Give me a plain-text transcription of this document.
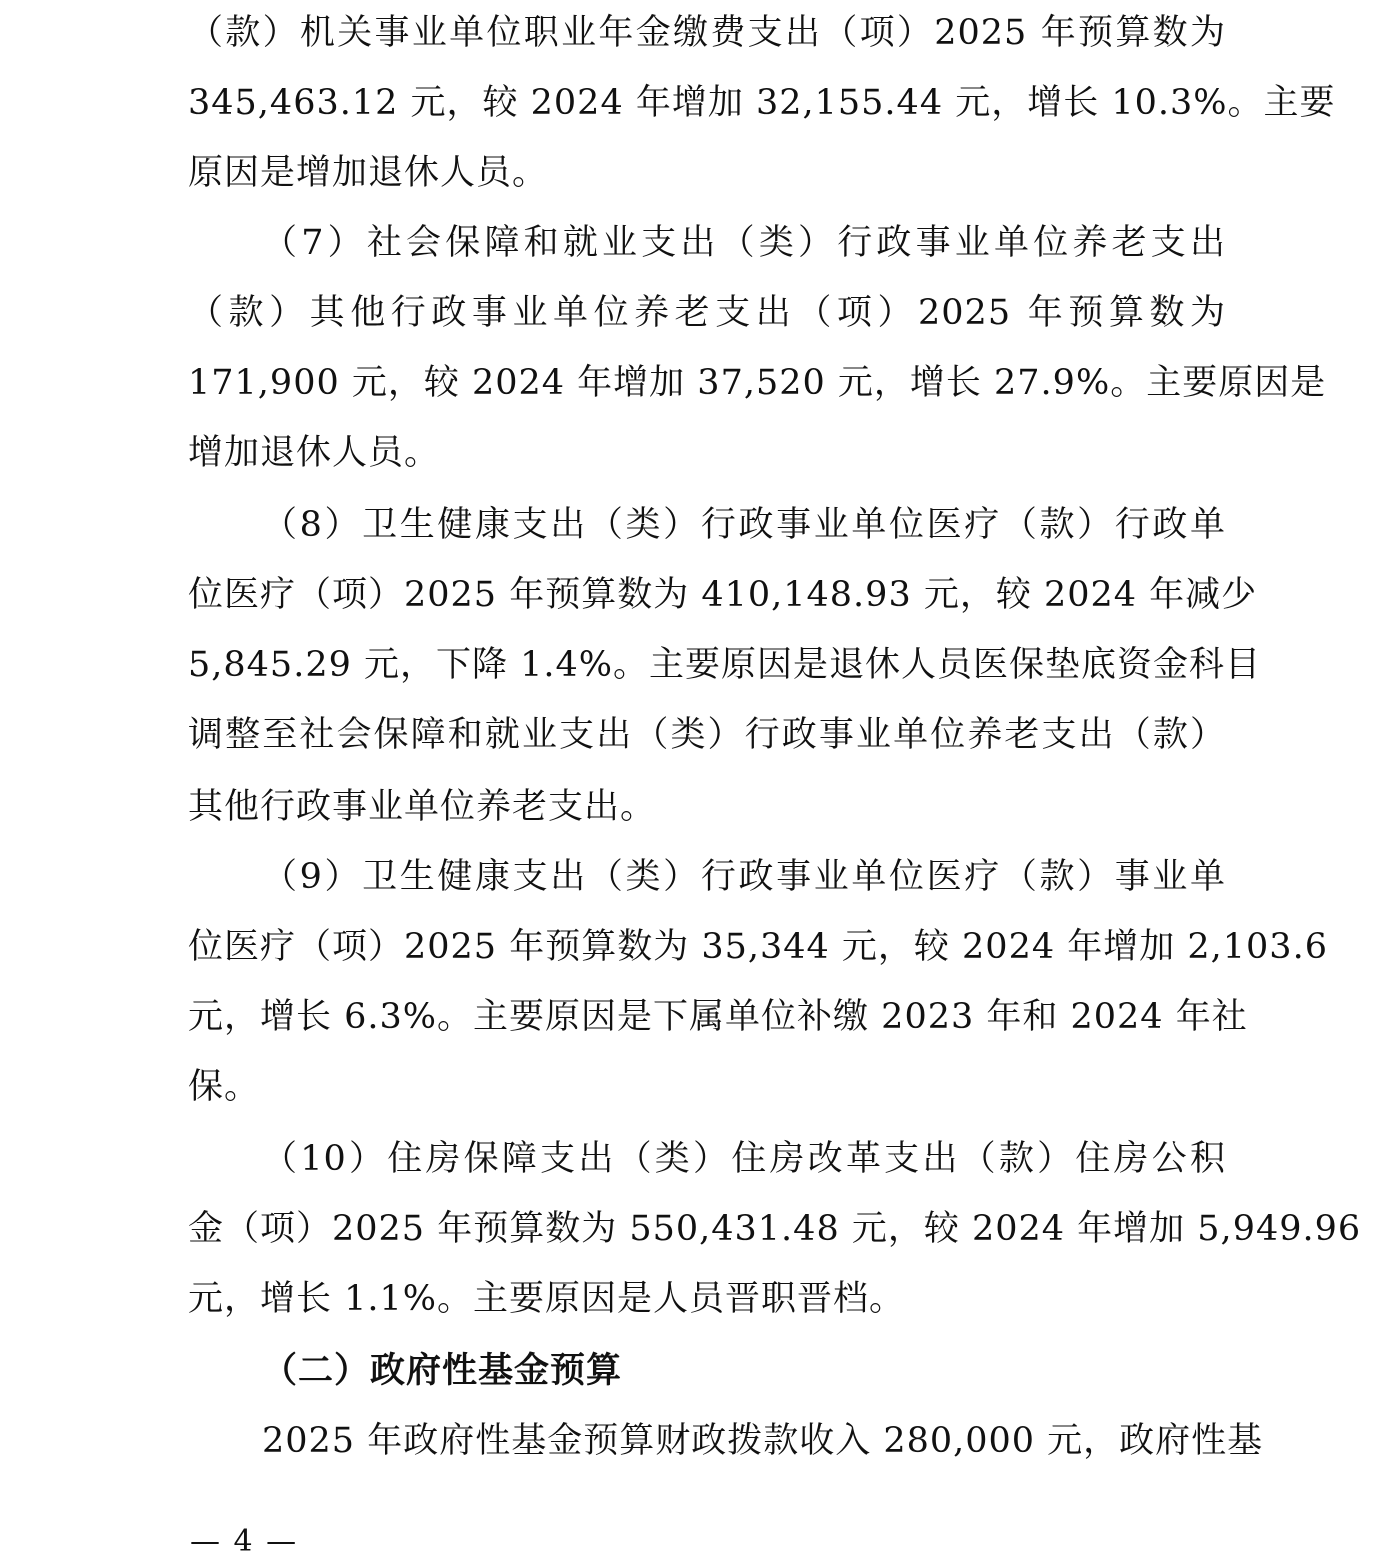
（款）机关事业单位职业年金缴费支出（项）2025 年预算数为
345,463.12 元，较 2024 年增加 32,155.44 元，增长 10.3%。主要
原因是增加退休人员。
（7）社会保障和就业支出（类）行政事业单位养老支出
（款）其他行政事业单位养老支出（项）2025 年预算数为
171,900 元，较 2024 年增加 37,520 元，增长 27.9%。主要原因是
增加退休人员。
（8）卫生健康支出（类）行政事业单位医疗（款）行政单
位医疗（项）2025 年预算数为 410,148.93 元，较 2024 年减少
5,845.29 元，下降 1.4%。主要原因是退休人员医保垫底资金科目
调整至社会保障和就业支出（类）行政事业单位养老支出（款）
其他行政事业单位养老支出。
（9）卫生健康支出（类）行政事业单位医疗（款）事业单
位医疗（项）2025 年预算数为 35,344 元，较 2024 年增加 2,103.6
元，增长 6.3%。主要原因是下属单位补缴 2023 年和 2024 年社
保。
（10）住房保障支出（类）住房改革支出（款）住房公积
金（项）2025 年预算数为 550,431.48 元，较 2024 年增加 5,949.96
元，增长 1.1%。主要原因是人员晋职晋档。
（二）政府性基金预算
2025 年政府性基金预算财政拨款收入 280,000 元，政府性基
— 4 —
